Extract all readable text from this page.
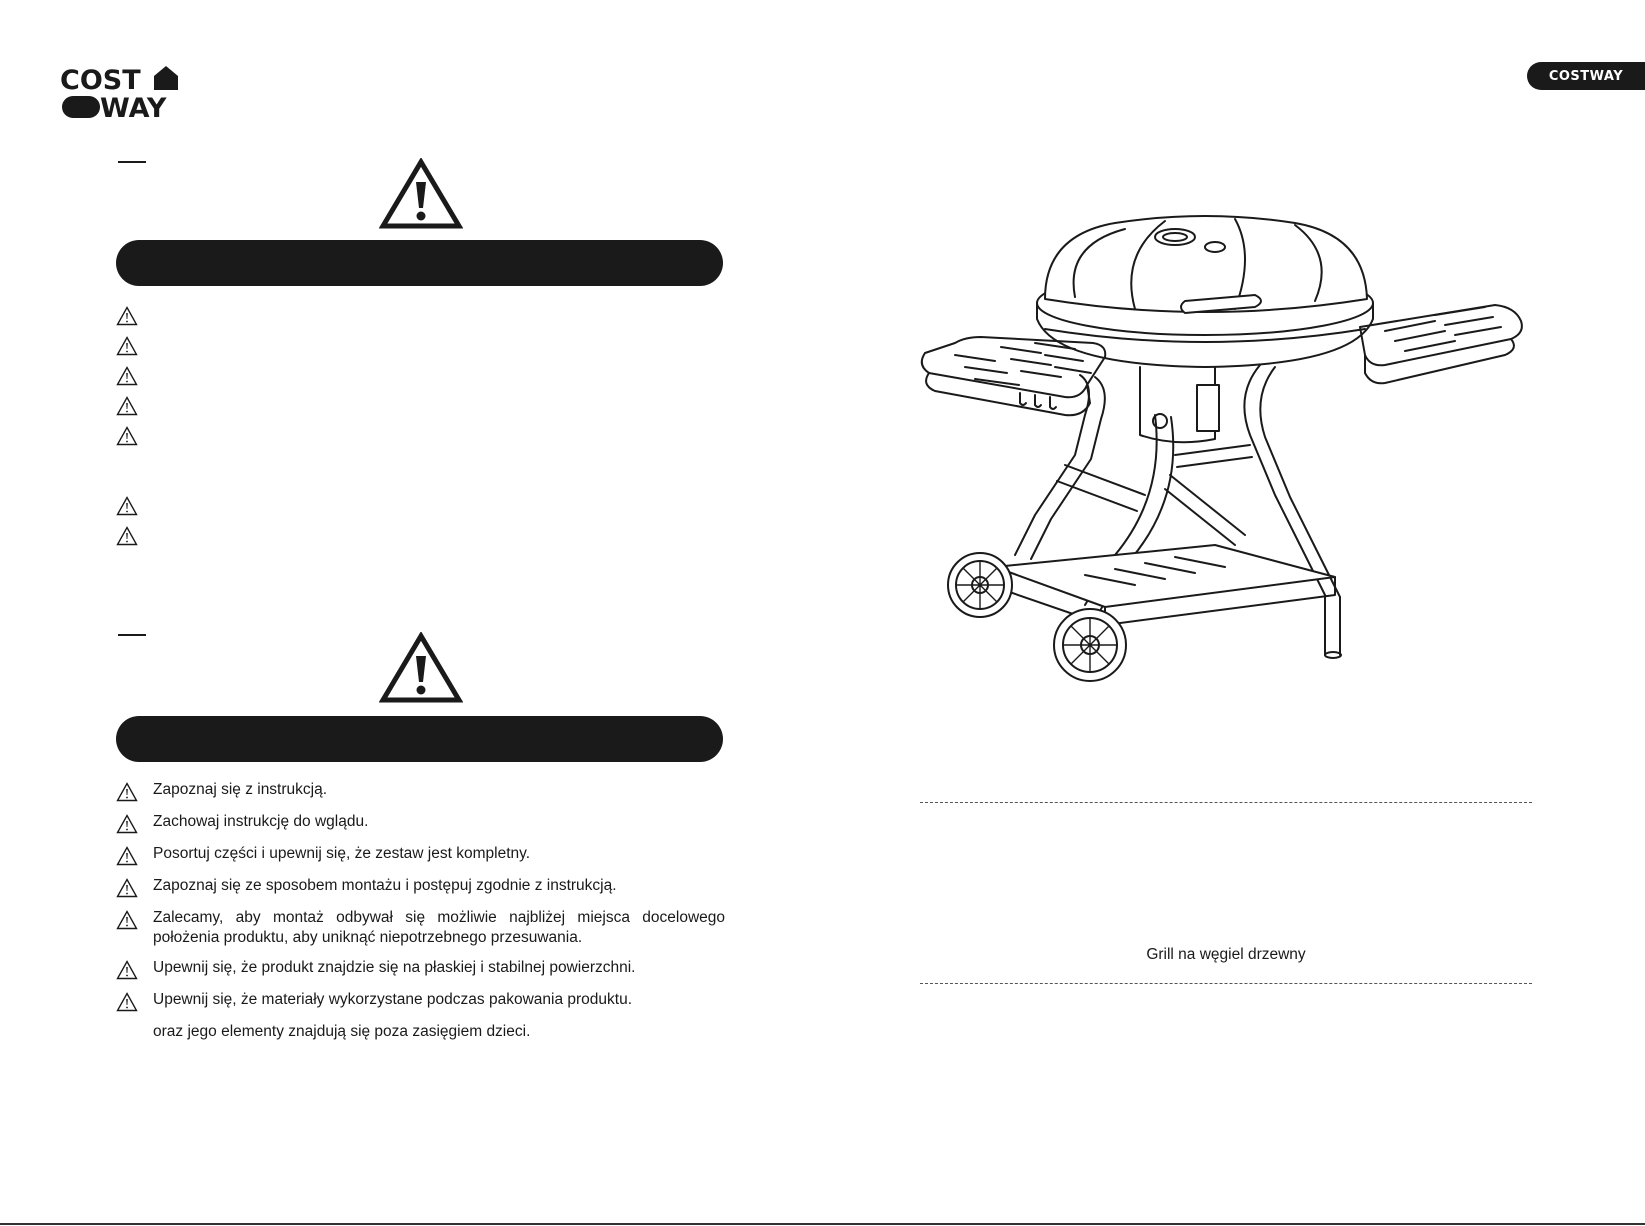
COST
WAY
COSTWAY
Zapoznaj się z instrukcją.
Zachowaj instrukcję do wglądu.
Posortuj części i upewnij się, że zestaw jest kompletny.
Zapoznaj się ze sposobem montażu i postępuj zgodnie z instrukcją.
Zalecamy, aby montaż odbywał się możliwie najbliżej miejsca docelowego położenia produktu, aby uniknąć niepotrzebnego przesuwania.
Upewnij się, że produkt znajdzie się na płaskiej i stabilnej powierzchni.
Upewnij się, że materiały wykorzystane podczas pakowania produktu.
oraz jego elementy znajdują się poza zasięgiem dzieci.
Grill na węgiel drzewny
